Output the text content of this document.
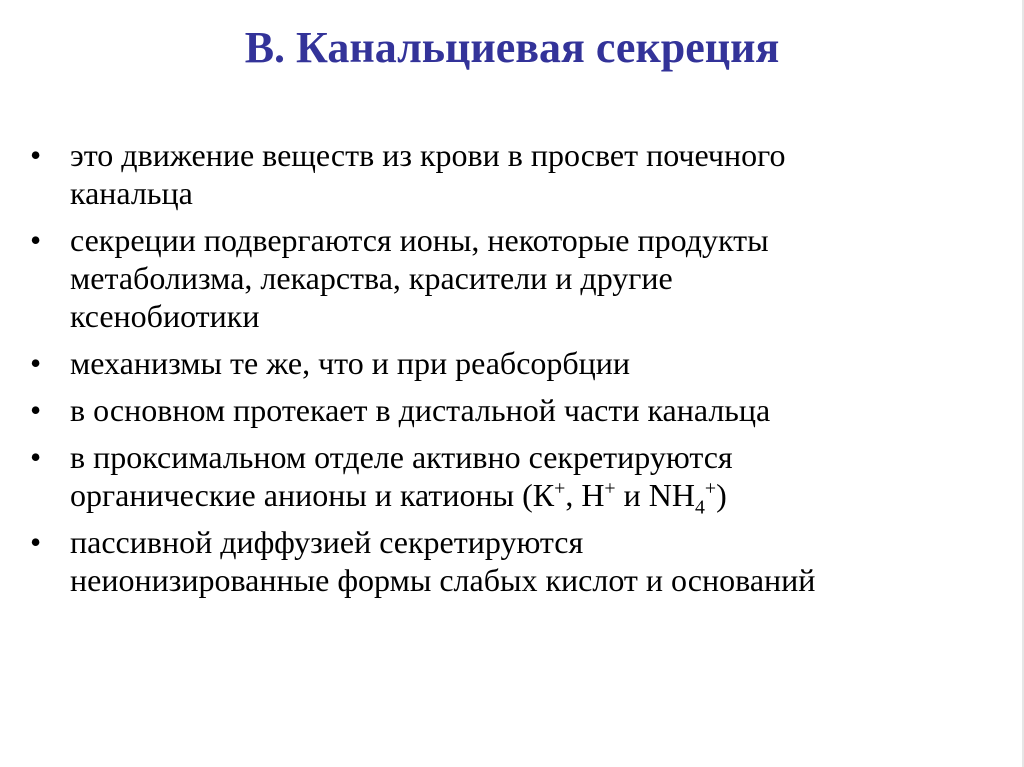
В. Канальциевая секреция
• это движение веществ из крови в просвет почечного
канальца
• секреции подвергаются ионы, некоторые продукты
метаболизма, лекарства, красители и другие
ксенобиотики
• механизмы те же, что и при реабсорбции
• в основном протекает в дистальной части канальца
• в проксимальном отделе активно секретируются
органические анионы и катионы (К+, Н+ и $NH_4^+$)
• пассивной диффузией секретируются
неионизированные формы слабых кислот и оснований
